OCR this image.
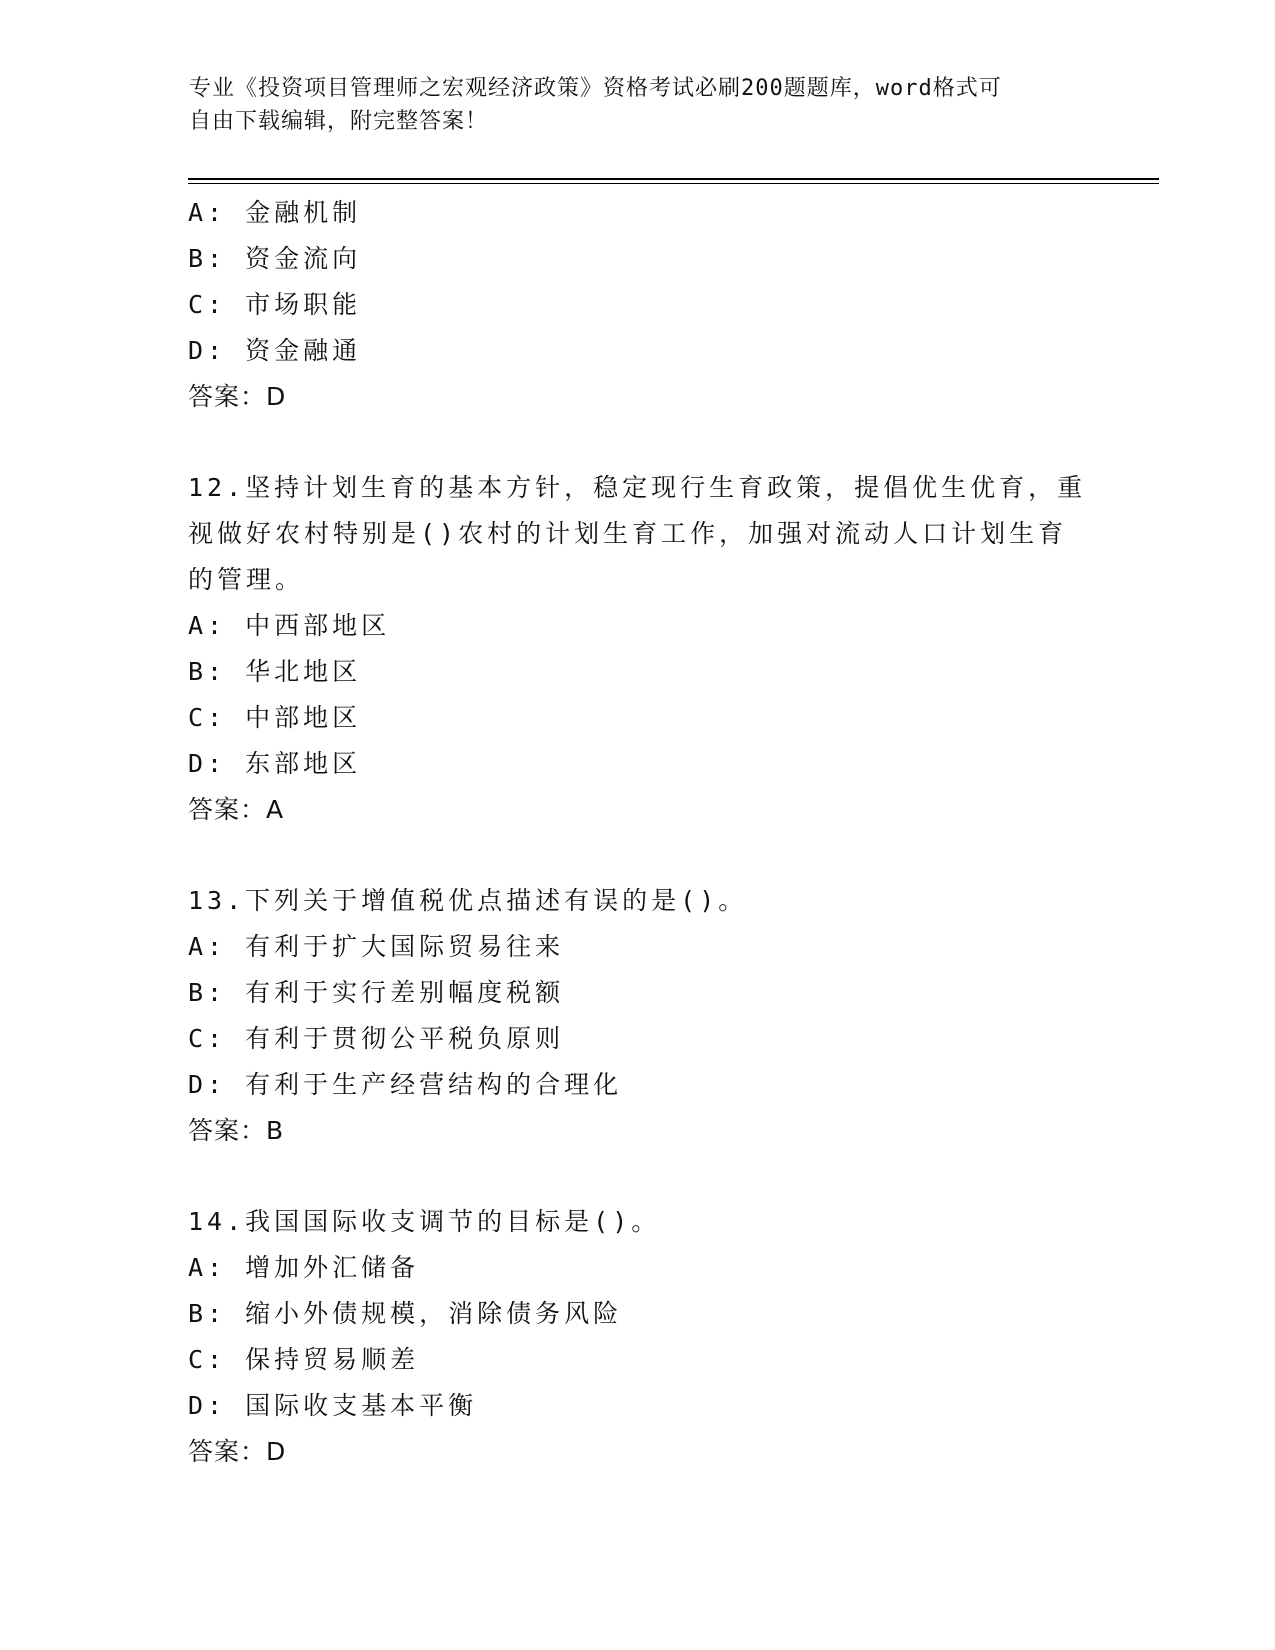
专业《投资项目管理师之宏观经济政策》资格考试必刷200题题库，word格式可
自由下载编辑，附完整答案！
A: 金融机制
B: 资金流向
C: 市场职能
D: 资金融通
答案：D
12.坚持计划生育的基本方针，稳定现行生育政策，提倡优生优育，重
视做好农村特别是()农村的计划生育工作，加强对流动人口计划生育
的管理。
A: 中西部地区
B: 华北地区
C: 中部地区
D: 东部地区
答案：A
13.下列关于增值税优点描述有误的是()。
A: 有利于扩大国际贸易往来
B: 有利于实行差别幅度税额
C: 有利于贯彻公平税负原则
D: 有利于生产经营结构的合理化
答案：B
14.我国国际收支调节的目标是()。
A: 增加外汇储备
B: 缩小外债规模，消除债务风险
C: 保持贸易顺差
D: 国际收支基本平衡
答案：D
